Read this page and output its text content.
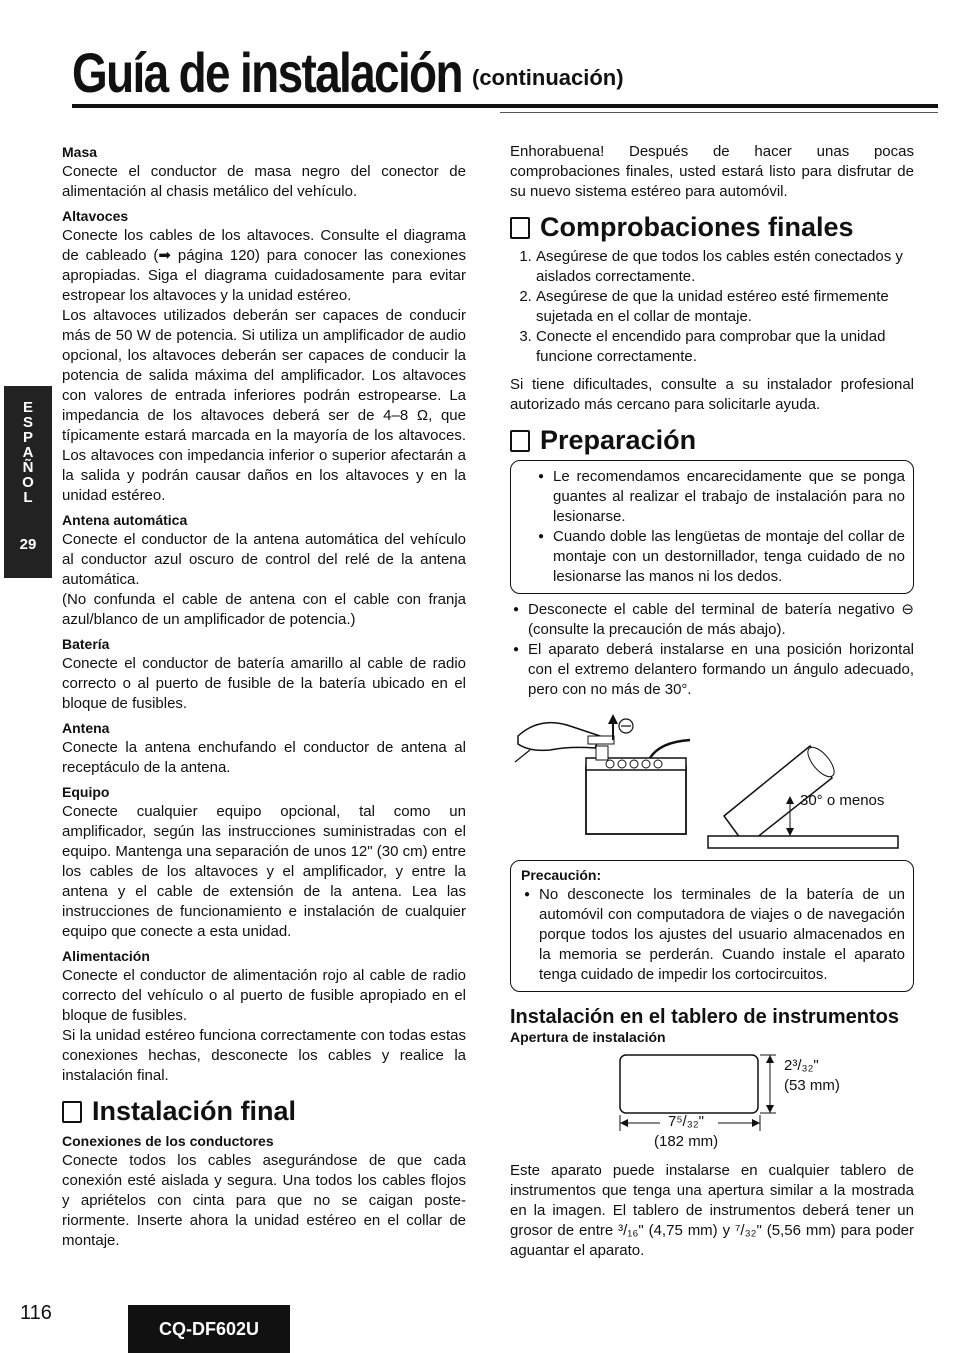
Guía de instalación (continuación)
E
S
P
A
Ñ
O
L
29
Masa

Conecte el conductor de masa negro del conector de alimentación al chasis metálico del vehículo.

Altavoces

Conecte los cables de los altavoces. Consulte el diagrama de cableado (➡ página 120) para conocer las conexiones apropiadas. Siga el diagrama cuidadosamente para evitar estropear los altavoces y la unidad estéreo.

Los altavoces utilizados deberán ser capaces de conducir más de 50 W de potencia. Si utiliza un amplificador de audio opcional, los altavoces deberán ser capaces de conducir la potencia de salida máxima del amplificador. Los altavoces con valores de entrada inferiores podrán estropearse. La impedancia de los altavoces deberá ser de 4–8 Ω, que típicamente estará marcada en la mayoría de los altavoces. Los altavoces con impedancia inferior o superior afectarán a la salida y podrán causar daños en los altavoces y en la unidad estéreo.

Antena automática

Conecte el conductor de la antena automática del vehículo al conductor azul oscuro de control del relé de la antena automática.

(No confunda el cable de antena con el cable con franja azul/blanco de un amplificador de potencia.)

Batería

Conecte el conductor de batería amarillo al cable de radio correcto o al puerto de fusible de la batería ubicado en el bloque de fusibles.

Antena

Conecte la antena enchufando el conductor de antena al receptáculo de la antena.

Equipo

Conecte cualquier equipo opcional, tal como un amplificador, según las instrucciones suministradas con el equipo. Mantenga una separación de unos 12" (30 cm) entre los cables de los altavoces y el amplificador, y entre la antena y el cable de extensión de la antena. Lea las instrucciones de funcionamiento e instalación de cualquier equipo que conecte a esta unidad.

Alimentación

Conecte el conductor de alimentación rojo al cable de radio correcto del vehículo o al puerto de fusible apropiado en el bloque de fusibles.

Si la unidad estéreo funciona correctamente con todas estas conexiones hechas, desconecte los cables y realice la instalación final.

Instalación final
Conexiones de los conductores

Conecte todos los cables asegurándose de que cada conexión esté aislada y segura. Una todos los cables flojos y apriételos con cinta para que no se caigan poste-riormente. Inserte ahora la unidad estéreo en el collar de montaje.

Enhorabuena! Después de hacer unas pocas comprobaciones finales, usted estará listo para disfrutar de su nuevo sistema estéreo para automóvil.

Comprobaciones finales
1. Asegúrese de que todos los cables estén conectados y aislados correctamente.
2. Asegúrese de que la unidad estéreo esté firmemente sujetada en el collar de montaje.
3. Conecte el encendido para comprobar que la unidad funcione correctamente.

Si tiene dificultades, consulte a su instalador profesional autorizado más cercano para solicitarle ayuda.

Preparación
● Le recomendamos encarecidamente que se ponga guantes al realizar el trabajo de instalación para no lesionarse.
● Cuando doble las lengüetas de montaje del collar de montaje con un destornillador, tenga cuidado de no lesionarse las manos ni los dedos.
● Desconecte el cable del terminal de batería negativo ⊖ (consulte la precaución de más abajo).
● El aparato deberá instalarse en una posición horizontal con el extremo delantero formando un ángulo adecuado, pero con no más de 30°.
30° o menos
Precaución:
● No desconecte los terminales de la batería de un automóvil con computadora de viajes o de navegación porque todos los ajustes del usuario almacenados en la memoria se perderán. Cuando instale el aparato tenga cuidado de impedir los cortocircuitos.
Instalación en el tablero de instrumentos
Apertura de instalación
2³/₃₂"
(53 mm)
7⁵/₃₂"
(182 mm)

Este aparato puede instalarse en cualquier tablero de instrumentos que tenga una apertura similar a la mostrada en la imagen. El tablero de instrumentos deberá tener un grosor de entre ³/₁₆" (4,75 mm) y ⁷/₃₂" (5,56 mm) para poder aguantar el aparato.

116
CQ-DF602U
